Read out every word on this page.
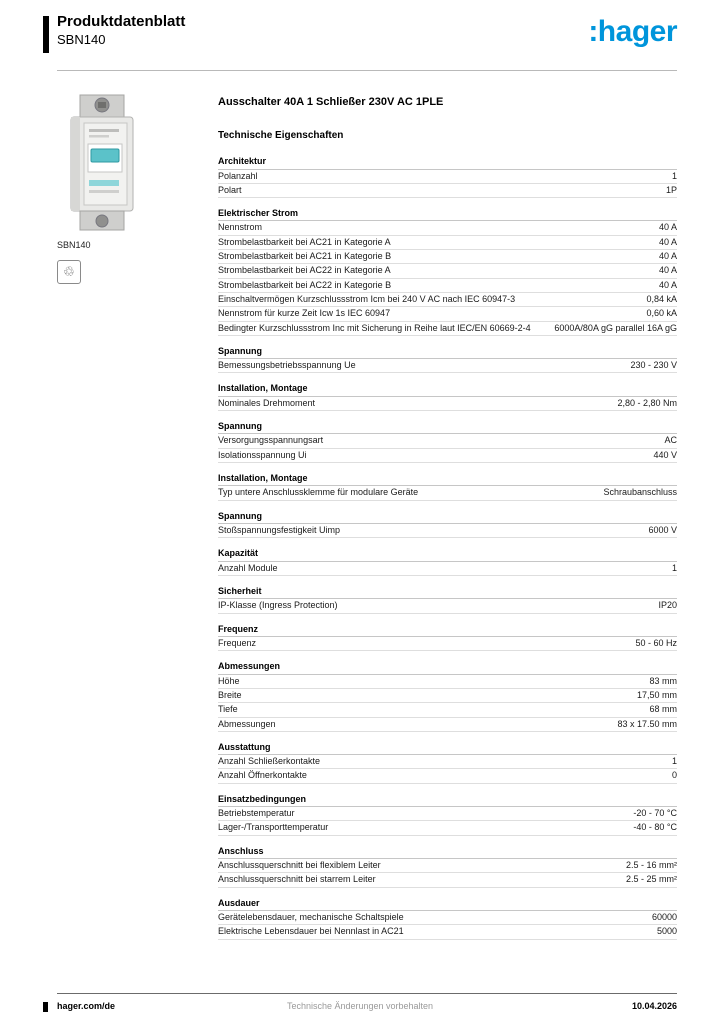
Produktdatenblatt
SBN140	:hager
SBN140
♲
Ausschalter 40A 1 Schließer 230V AC 1PLE
Technische Eigenschaften
Architektur
Polanzahl	1
Polart	1P
Elektrischer Strom
Nennstrom	40 A
Strombelastbarkeit bei AC21 in Kategorie A	40 A
Strombelastbarkeit bei AC21 in Kategorie B	40 A
Strombelastbarkeit bei AC22 in Kategorie A	40 A
Strombelastbarkeit bei AC22 in Kategorie B	40 A
Einschaltvermögen Kurzschlussstrom Icm bei 240 V AC nach IEC 60947-3	0,84 kA
Nennstrom für kurze Zeit Icw 1s IEC 60947	0,60 kA
Bedingter Kurzschlussstrom Inc mit Sicherung in Reihe laut IEC/EN 60669-2-4	6000A/80A gG parallel 16A gG
Spannung
Bemessungsbetriebsspannung Ue	230 - 230 V
Installation, Montage
Nominales Drehmoment	2,80 - 2,80 Nm
Spannung
Versorgungsspannungsart	AC
Isolationsspannung Ui	440 V
Installation, Montage
Typ untere Anschlussklemme für modulare Geräte	Schraubanschluss
Spannung
Stoßspannungsfestigkeit Uimp	6000 V
Kapazität
Anzahl Module	1
Sicherheit
IP-Klasse (Ingress Protection)	IP20
Frequenz
Frequenz	50 - 60 Hz
Abmessungen
Höhe	83 mm
Breite	17,50 mm
Tiefe	68 mm
Abmessungen	83 x 17.50 mm
Ausstattung
Anzahl Schließerkontakte	1
Anzahl Öffnerkontakte	0
Einsatzbedingungen
Betriebstemperatur	-20 - 70 °C
Lager-/Transporttemperatur	-40 - 80 °C
Anschluss
Anschlussquerschnitt bei flexiblem Leiter	2.5 - 16 mm²
Anschlussquerschnitt bei starrem Leiter	2.5 - 25 mm²
Ausdauer
Gerätelebensdauer, mechanische Schaltspiele	60000
Elektrische Lebensdauer bei Nennlast in AC21	5000
hager.com/de	Technische Änderungen vorbehalten	10.04.2026
